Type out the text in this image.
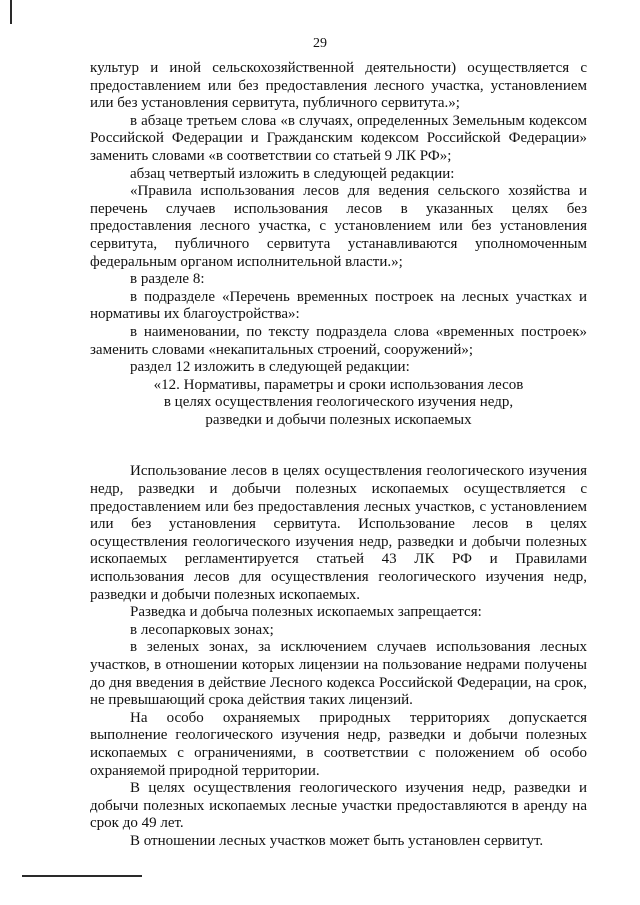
29

культур и иной сельскохозяйственной деятельности) осуществляется с предоставлением или без предоставления лесного участка, установлением или без установления сервитута, публичного сервитута.»;

в абзаце третьем слова «в случаях, определенных Земельным кодексом Российской Федерации и Гражданским кодексом Российской Федерации» заменить словами «в соответствии со статьей 9 ЛК РФ»;

абзац четвертый изложить в следующей редакции:

«Правила использования лесов для ведения сельского хозяйства и перечень случаев использования лесов в указанных целях без предоставления лесного участка, с установлением или без установления сервитута, публичного сервитута устанавливаются уполномоченным федеральным органом исполнительной власти.»;

в разделе 8:

в подразделе «Перечень временных построек на лесных участках и нормативы их благоустройства»:

в наименовании, по тексту подраздела слова «временных построек» заменить словами «некапитальных строений, сооружений»;

раздел 12 изложить в следующей редакции:

«12. Нормативы, параметры и сроки использования лесов
в целях осуществления геологического изучения недр,
разведки и добычи полезных ископаемых

Использование лесов в целях осуществления геологического изучения недр, разведки и добычи полезных ископаемых осуществляется с предоставлением или без предоставления лесных участков, с установлением или без установления сервитута. Использование лесов в целях осуществления геологического изучения недр, разведки и добычи полезных ископаемых регламентируется статьей 43 ЛК РФ и Правилами использования лесов для осуществления геологического изучения недр, разведки и добычи полезных ископаемых.

Разведка и добыча полезных ископаемых запрещается:

в лесопарковых зонах;

в зеленых зонах, за исключением случаев использования лесных участков, в отношении которых лицензии на пользование недрами получены до дня введения в действие Лесного кодекса Российской Федерации, на срок, не превышающий срока действия таких лицензий.

На особо охраняемых природных территориях допускается выполнение геологического изучения недр, разведки и добычи полезных ископаемых с ограничениями, в соответствии с положением об особо охраняемой природной территории.

В целях осуществления геологического изучения недр, разведки и добычи полезных ископаемых лесные участки предоставляются в аренду на срок до 49 лет.

В отношении лесных участков может быть установлен сервитут.
